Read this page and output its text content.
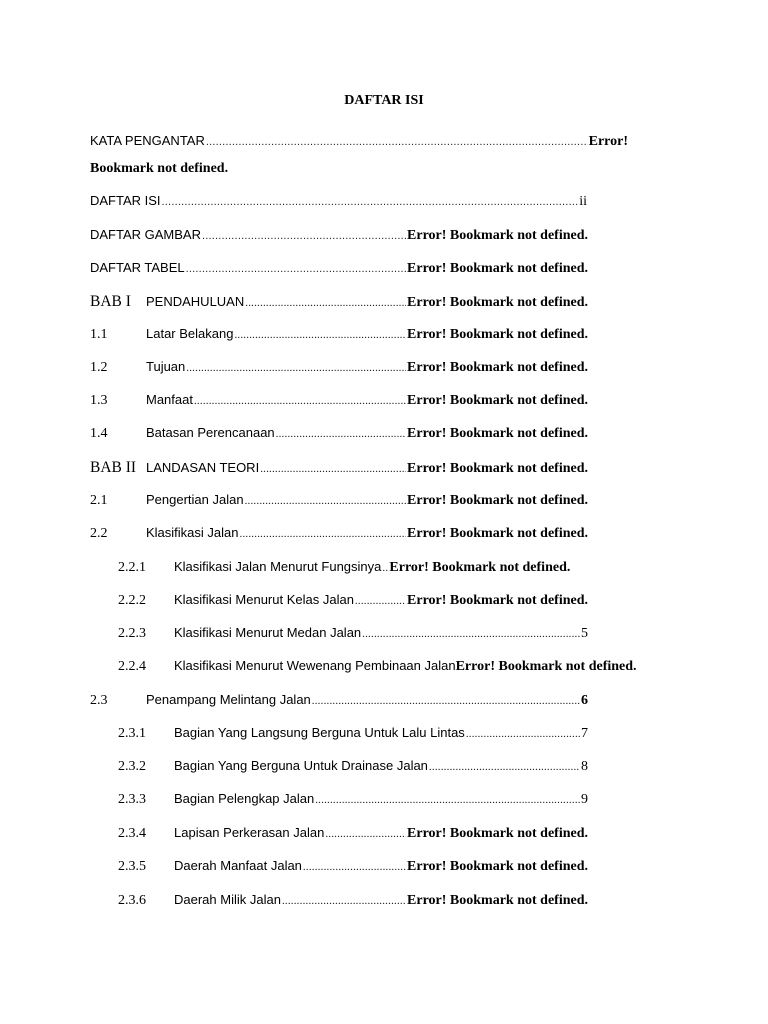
DAFTAR ISI
KATA PENGANTAR .....	Error!
Bookmark not defined.
DAFTAR ISI .....	ii
DAFTAR GAMBAR .....	Error! Bookmark not defined.
DAFTAR TABEL .....	Error! Bookmark not defined.
BAB I	PENDAHULUAN .....	Error! Bookmark not defined.
1.1	Latar Belakang .....	Error! Bookmark not defined.
1.2	Tujuan .....	Error! Bookmark not defined.
1.3	Manfaat .....	Error! Bookmark not defined.
1.4	Batasan Perencanaan .....	Error! Bookmark not defined.
BAB II LANDASAN TEORI .....	Error! Bookmark not defined.
2.1	Pengertian Jalan .....	Error! Bookmark not defined.
2.2	Klasifikasi Jalan .....	Error! Bookmark not defined.
2.2.1	Klasifikasi Jalan Menurut Fungsinya ..... Error! Bookmark not defined.
2.2.2	Klasifikasi Menurut Kelas Jalan .....	Error! Bookmark not defined.
2.2.3	Klasifikasi Menurut Medan Jalan .....	5
2.2.4	Klasifikasi Menurut Wewenang Pembinaan Jalan Error! Bookmark not defined.
2.3	Penampang Melintang Jalan .....	6
2.3.1	Bagian Yang Langsung Berguna Untuk Lalu Lintas .....	7
2.3.2	Bagian Yang Berguna Untuk Drainase Jalan .....	8
2.3.3	Bagian Pelengkap Jalan .....	9
2.3.4	Lapisan Perkerasan Jalan .....	Error! Bookmark not defined.
2.3.5	Daerah Manfaat Jalan .....	Error! Bookmark not defined.
2.3.6	Daerah Milik Jalan .....	Error! Bookmark not defined.
